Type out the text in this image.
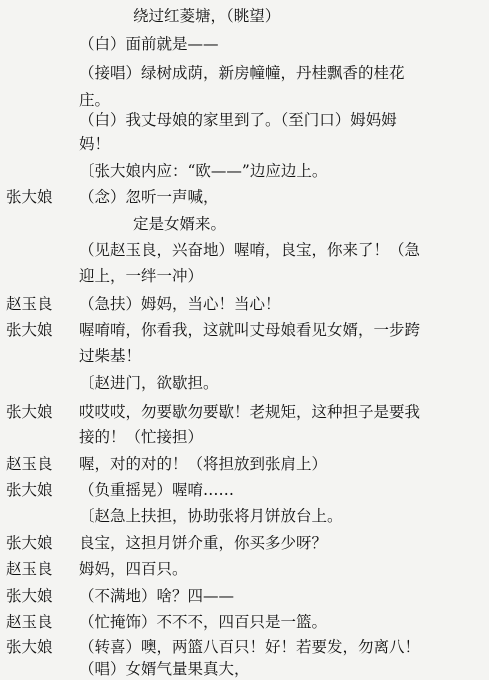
绕过红菱塘，（眺望）
（白）面前就是——
（接唱）绿树成荫，新房幢幢，丹桂飘香的桂花
庄。
（白）我丈母娘的家里到了。（至门口）姆妈姆
妈！
〔张大娘内应：“欧——”边应边上。
张大娘 （念）忽听一声喊，
定是女婿来。
（见赵玉良，兴奋地）喔唷，良宝，你来了！（急
迎上，一绊一冲）
赵玉良 （急扶）姆妈，当心！当心！
张大娘 喔唷唷，你看我，这就叫丈母娘看见女婿，一步跨
过柴基！
〔赵进门，欲歇担。
张大娘 哎哎哎，勿要歇勿要歇！老规矩，这种担子是要我
接的！（忙接担）
赵玉良 喔，对的对的！（将担放到张肩上）
张大娘 （负重摇晃）喔唷……
〔赵急上扶担，协助张将月饼放台上。
张大娘 良宝，这担月饼介重，你买多少呀？
赵玉良 姆妈，四百只。
张大娘 （不满地）啥？四——
赵玉良 （忙掩饰）不不不，四百只是一篮。
张大娘 （转喜）噢，两篮八百只！好！若要发，勿离八！
（唱）女婿气量果真大，
